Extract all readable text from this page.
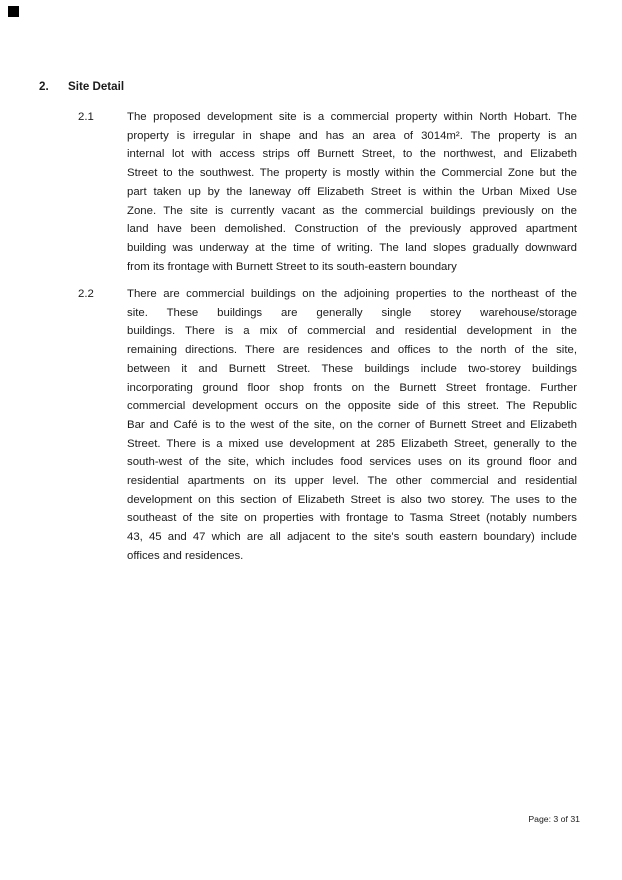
2. Site Detail
2.1	The proposed development site is a commercial property within North Hobart. The
property is irregular in shape and has an area of 3014m². The property is an
internal lot with access strips off Burnett Street, to the northwest, and Elizabeth
Street to the southwest. The property is mostly within the Commercial Zone but the
part taken up by the laneway off Elizabeth Street is within the Urban Mixed Use
Zone. The site is currently vacant as the commercial buildings previously on the
land have been demolished. Construction of the previously approved apartment
building was underway at the time of writing. The land slopes gradually downward
from its frontage with Burnett Street to its south-eastern boundary
2.2	There are commercial buildings on the adjoining properties to the northeast of the
site. These buildings are generally single storey warehouse/storage
buildings. There is a mix of commercial and residential development in the
remaining directions. There are residences and offices to the north of the site,
between it and Burnett Street. These buildings include two-storey buildings
incorporating ground floor shop fronts on the Burnett Street frontage. Further
commercial development occurs on the opposite side of this street. The Republic
Bar and Café is to the west of the site, on the corner of Burnett Street and Elizabeth
Street. There is a mixed use development at 285 Elizabeth Street, generally to the
south-west of the site, which includes food services uses on its ground floor and
residential apartments on its upper level. The other commercial and residential
development on this section of Elizabeth Street is also two storey. The uses to the
southeast of the site on properties with frontage to Tasma Street (notably numbers
43, 45 and 47 which are all adjacent to the site's south eastern boundary) include
offices and residences.
Page: 3 of 31
